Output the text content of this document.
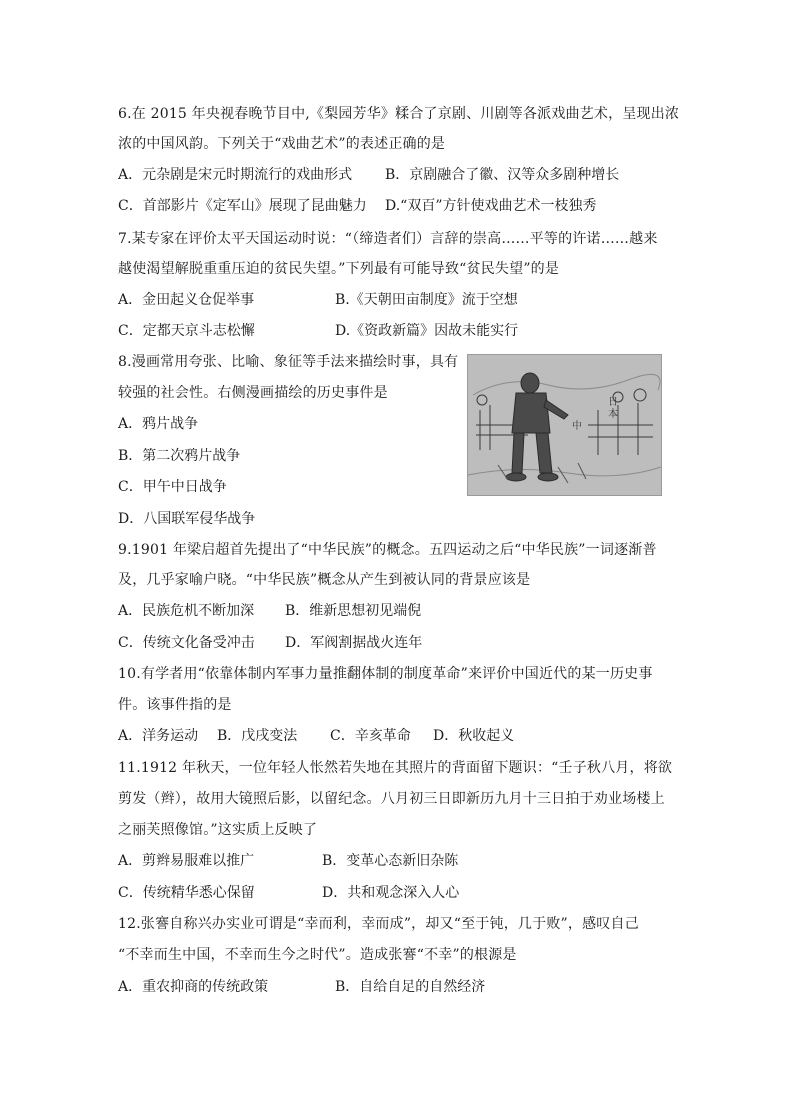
6.在 2015 年央视春晚节目中,《梨园芳华》糅合了京剧、川剧等各派戏曲艺术，呈现出浓
浓的中国风韵。下列关于“戏曲艺术”的表述正确的是
A．元杂剧是宋元时期流行的戏曲形式 B．京剧融合了徽、汉等众多剧种增长
C．首部影片《定军山》展现了昆曲魅力 D.“双百”方针使戏曲艺术一枝独秀
7.某专家在评价太平天国运动时说：“（缔造者们）言辞的崇高……平等的许诺……越来
越使渴望解脱重重压迫的贫民失望。”下列最有可能导致“贫民失望”的是
A．金田起义仓促举事	B.《天朝田亩制度》流于空想
C．定都天京斗志松懈	D.《资政新篇》因故未能实行
8.漫画常用夸张、比喻、象征等手法来描绘时事，具有
较强的社会性。右侧漫画描绘的历史事件是
A．鸦片战争
B．第二次鸦片战争
C．甲午中日战争
D．八国联军侵华战争
中
日
本
9.1901 年梁启超首先提出了“中华民族”的概念。五四运动之后“中华民族”一词逐渐普
及，几乎家喻户晓。“中华民族”概念从产生到被认同的背景应该是
A．民族危机不断加深 B．维新思想初见端倪
C．传统文化备受冲击 D．军阀割据战火连年
10.有学者用“依靠体制内军事力量推翻体制的制度革命”来评价中国近代的某一历史事
件。该事件指的是
A．洋务运动 B．戊戌变法 C．辛亥革命 D．秋收起义
11.1912 年秋天，一位年轻人怅然若失地在其照片的背面留下题识：“壬子秋八月，将欲
剪发（辫），故用大镜照后影，以留纪念。八月初三日即新历九月十三日拍于劝业场楼上
之丽芙照像馆。”这实质上反映了
A．剪辫易服难以推广	B．变革心态新旧杂陈
C．传统精华悉心保留	D．共和观念深入人心
12.张謇自称兴办实业可谓是“幸而利，幸而成”，却又“至于钝，几于败”，感叹自己
“不幸而生中国，不幸而生今之时代”。造成张謇“不幸”的根源是
A．重农抑商的传统政策	B．自给自足的自然经济
